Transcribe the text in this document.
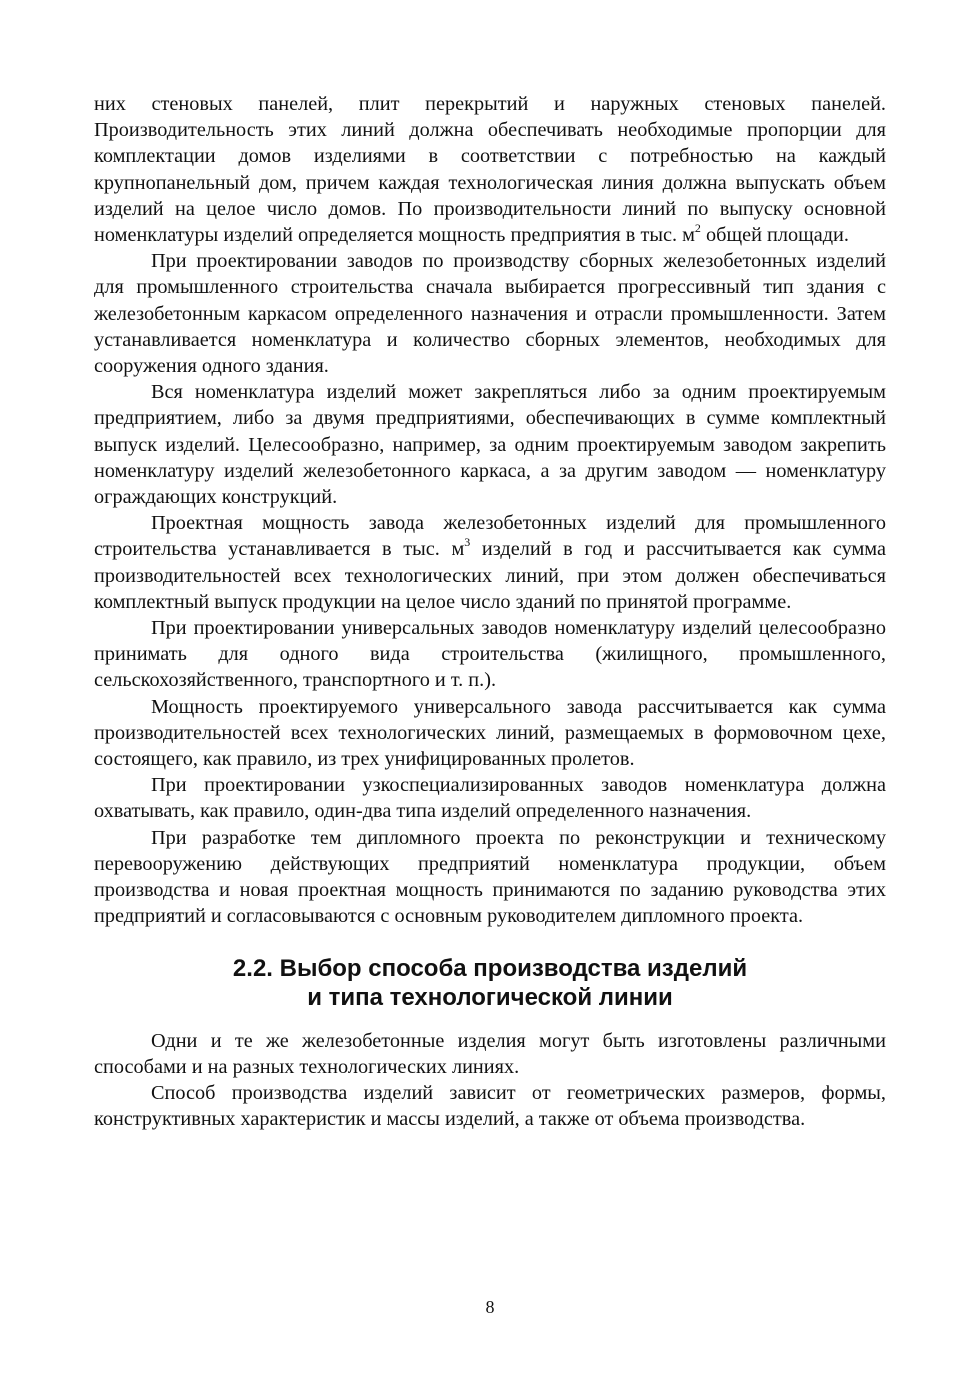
них стеновых панелей, плит перекрытий и наружных стеновых панелей. Производительность этих линий должна обеспечивать необходимые пропорции для комплектации домов изделиями в соответствии с потребностью на каждый крупнопанельный дом, причем каждая технологическая линия должна выпускать объем изделий на целое число домов. По производительности линий по выпуску основной номенклатуры изделий определяется мощность предприятия в тыс. $м^2$ общей площади.

При проектировании заводов по производству сборных железобетонных изделий для промышленного строительства сначала выбирается прогрессивный тип здания с железобетонным каркасом определенного назначения и отрасли промышленности. Затем устанавливается номенклатура и количество сборных элементов, необходимых для сооружения одного здания.

Вся номенклатура изделий может закрепляться либо за одним проектируемым предприятием, либо за двумя предприятиями, обеспечивающих в сумме комплектный выпуск изделий. Целесообразно, например, за одним проектируемым заводом закрепить номенклатуру изделий железобетонного каркаса, а за другим заводом — номенклатуру ограждающих конструкций.

Проектная мощность завода железобетонных изделий для промышленного строительства устанавливается в тыс. $м^3$ изделий в год и рассчитывается как сумма производительностей всех технологических линий, при этом должен обеспечиваться комплектный выпуск продукции на целое число зданий по принятой программе.

При проектировании универсальных заводов номенклатуру изделий целесообразно принимать для одного вида строительства (жилищного, промышленного, сельскохозяйственного, транспортного и т. п.).

Мощность проектируемого универсального завода рассчитывается как сумма производительностей всех технологических линий, размещаемых в формовочном цехе, состоящего, как правило, из трех унифицированных пролетов.

При проектировании узкоспециализированных заводов номенклатура должна охватывать, как правило, один-два типа изделий определенного назначения.

При разработке тем дипломного проекта по реконструкции и техническому перевооружению действующих предприятий номенклатура продукции, объем производства и новая проектная мощность принимаются по заданию руководства этих предприятий и согласовываются с основным руководителем дипломного проекта.

2.2. Выбор способа производства изделий
и типа технологической линии

Одни и те же железобетонные изделия могут быть изготовлены различными способами и на разных технологических линиях.

Способ производства изделий зависит от геометрических размеров, формы, конструктивных характеристик и массы изделий, а также от объема производства.

8
